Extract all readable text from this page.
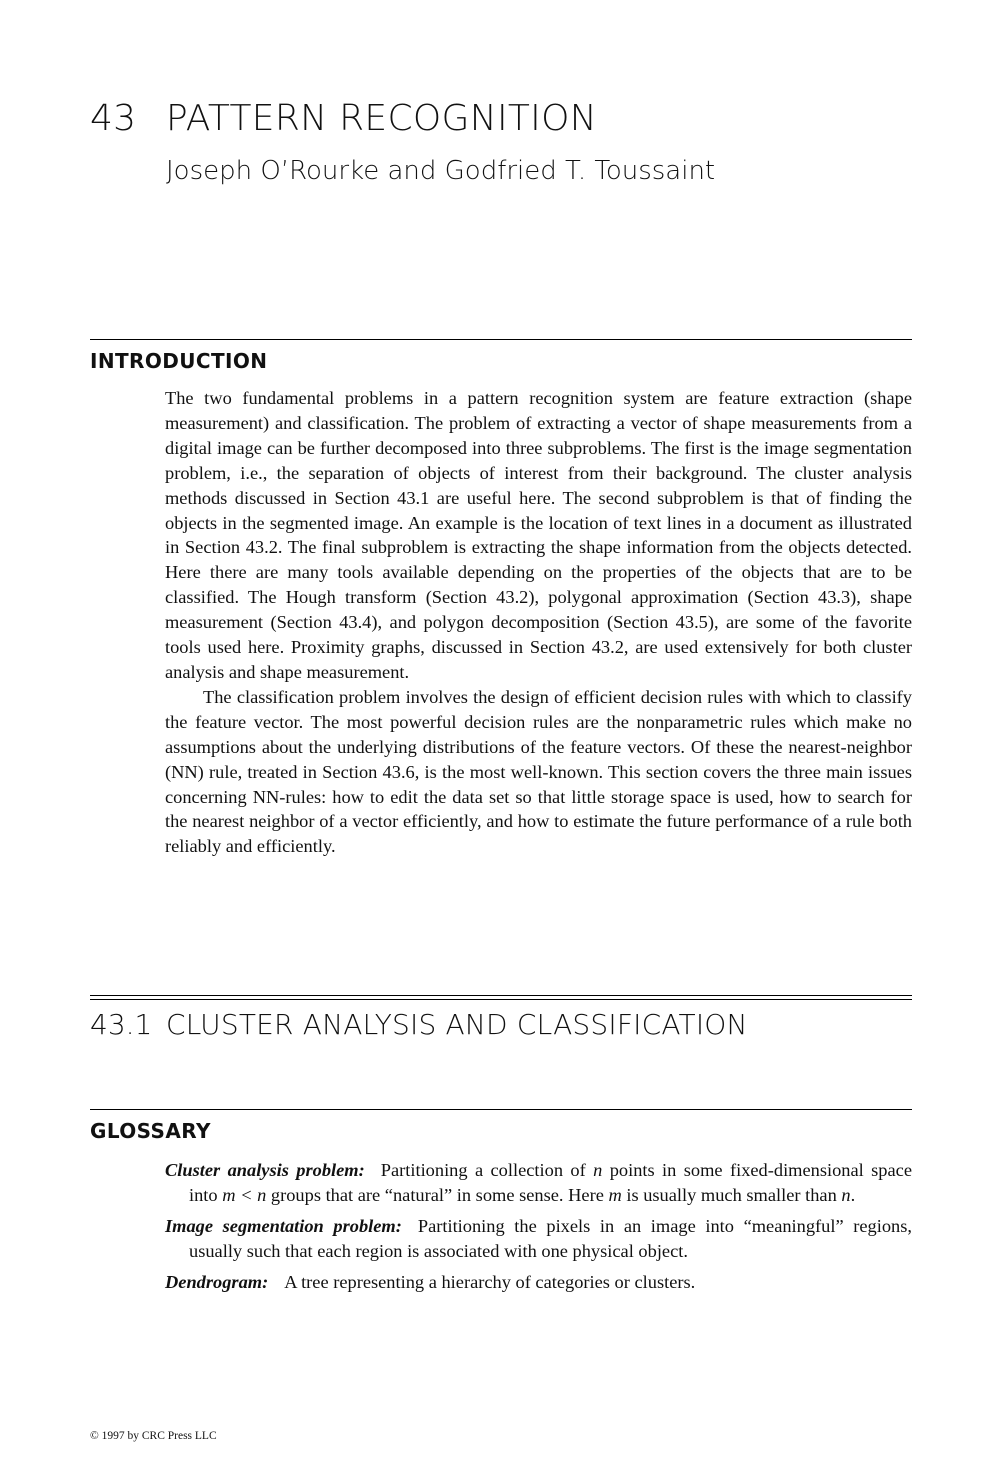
43 PATTERN RECOGNITION
Joseph O’Rourke and Godfried T. Toussaint
INTRODUCTION

The two fundamental problems in a pattern recognition system are feature extraction (shape measurement) and classification. The problem of extracting a vector of shape measurements from a digital image can be further decomposed into three subproblems. The first is the image segmentation problem, i.e., the separation of objects of interest from their background. The cluster analysis methods discussed in Section 43.1 are useful here. The second subproblem is that of finding the objects in the segmented image. An example is the location of text lines in a document as illustrated in Section 43.2. The final subproblem is extracting the shape information from the objects detected. Here there are many tools available depending on the properties of the objects that are to be classified. The Hough transform (Section 43.2), polygonal approximation (Section 43.3), shape measurement (Section 43.4), and polygon decomposition (Section 43.5), are some of the favorite tools used here. Proximity graphs, discussed in Section 43.2, are used extensively for both cluster analysis and shape measurement.

The classification problem involves the design of efficient decision rules with which to classify the feature vector. The most powerful decision rules are the nonparametric rules which make no assumptions about the underlying distributions of the feature vectors. Of these the nearest-neighbor (NN) rule, treated in Section 43.6, is the most well-known. This section covers the three main issues concerning NN-rules: how to edit the data set so that little storage space is used, how to search for the nearest neighbor of a vector efficiently, and how to estimate the future performance of a rule both reliably and efficiently.

43.1 CLUSTER ANALYSIS AND CLASSIFICATION
GLOSSARY
Cluster analysis problem: Partitioning a collection of n points in some fixed-dimensional space into m < n groups that are “natural” in some sense. Here m is usually much smaller than n.
Image segmentation problem: Partitioning the pixels in an image into “meaningful” regions, usually such that each region is associated with one physical object.
Dendrogram: A tree representing a hierarchy of categories or clusters.
© 1997 by CRC Press LLC
